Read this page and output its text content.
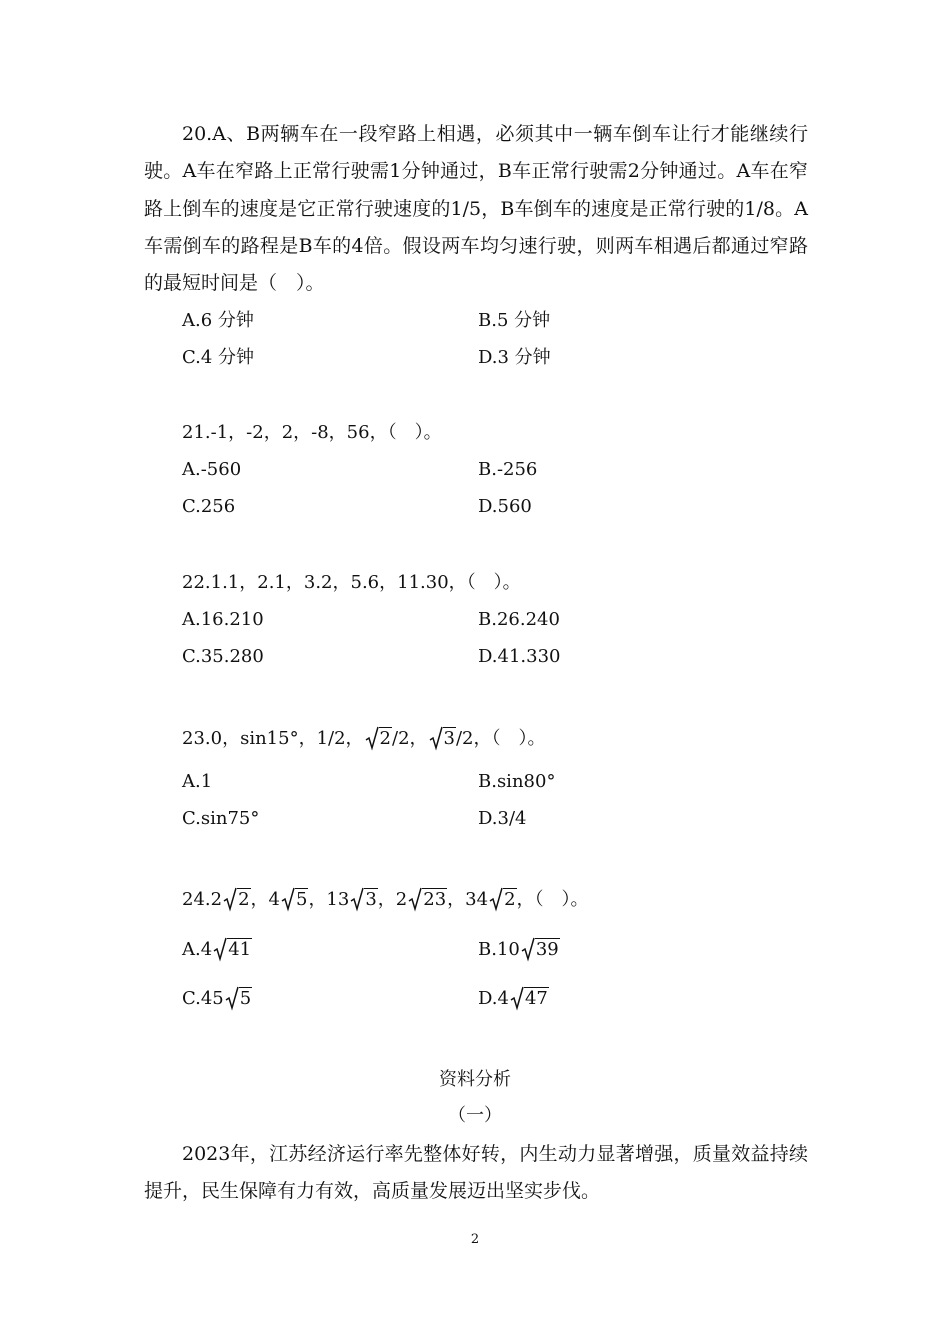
20.A、B两辆车在一段窄路上相遇，必须其中一辆车倒车让行才能继续行驶。A车在窄路上正常行驶需1分钟通过，B车正常行驶需2分钟通过。A车在窄路上倒车的速度是它正常行驶速度的1/5，B车倒车的速度是正常行驶的1/8。A车需倒车的路程是B车的4倍。假设两车均匀速行驶，则两车相遇后都通过窄路的最短时间是（　）。

A.6 分钟	B.5 分钟
C.4 分钟	D.3 分钟
21.-1，-2，2，-8，56，（　）。
A.-560	B.-256
C.256	D.560
22.1.1，2.1，3.2，5.6，11.30，（　）。
A.16.210	B.26.240
C.35.280	D.41.330
23.0，sin15°，1/2， 2/2， 3/2，（　）。
A.1	B.sin80°
C.sin75°	D.3/4
24.2 2，4 5，13 3，2 23，34 2，（　）。
A.4 41	B.10 39
C.45 5	D.4 47
资料分析
（一）

2023年，江苏经济运行率先整体好转，内生动力显著增强，质量效益持续提升，民生保障有力有效，高质量发展迈出坚实步伐。

2
